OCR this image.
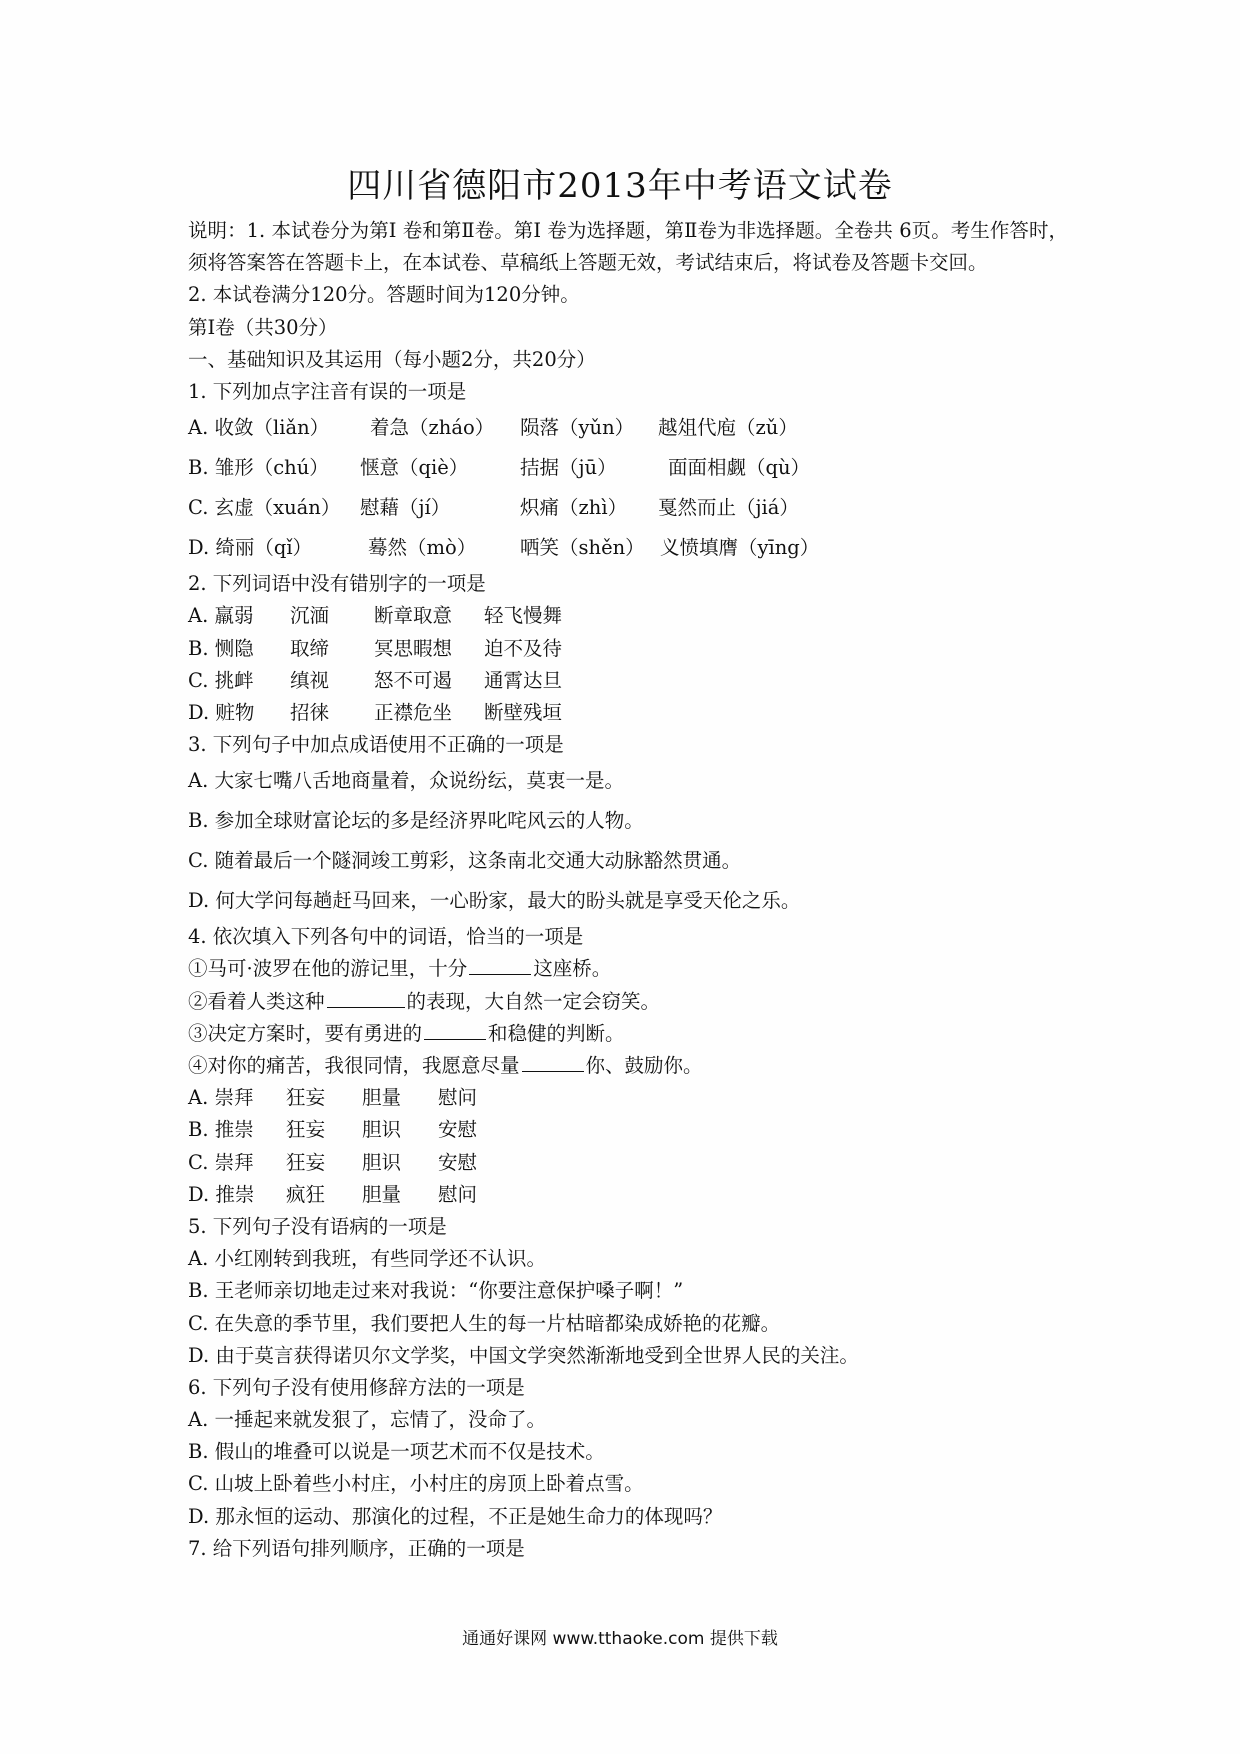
四川省德阳市2013年中考语文试卷
说明：1. 本试卷分为第Ⅰ 卷和第Ⅱ卷。第Ⅰ 卷为选择题，第Ⅱ卷为非选择题。全卷共 6页。考生作答时，须将答案答在答题卡上，在本试卷、草稿纸上答题无效，考试结束后，将试卷及答题卡交回。
2. 本试卷满分120分。答题时间为120分钟。
第Ⅰ卷（共30分）
一、基础知识及其运用（每小题2分，共20分）
1. 下列加点字注音有误的一项是
A. 收敛（liǎn） 着急（zháo） 陨落（yǔn） 越俎代庖（zǔ）
B. 雏形（chú） 惬意（qiè）	拮据（jū）	面面相觑（qù）
C. 玄虚（xuán） 慰藉（jí）	炽痛（zhì） 戛然而止（jiá）
D. 绮丽（qǐ）	蓦然（mò） 哂笑（shěn） 义愤填膺（yīng）
2. 下列词语中没有错别字的一项是
A. 羸弱 沉湎 断章取意 轻飞慢舞
B. 恻隐 取缔 冥思暇想 迫不及待
C. 挑衅 缜视 怒不可遏 通霄达旦
D. 赃物 招徕 正襟危坐 断壁残垣
3. 下列句子中加点成语使用不正确的一项是
A. 大家七嘴八舌地商量着，众说纷纭，莫衷一是。
B. 参加全球财富论坛的多是经济界叱咤风云的人物。
C. 随着最后一个隧洞竣工剪彩，这条南北交通大动脉豁然贯通。
D. 何大学问每趟赶马回来，一心盼家，最大的盼头就是享受天伦之乐。
4. 依次填入下列各句中的词语，恰当的一项是
①马可·波罗在他的游记里，十分	这座桥。
②看着人类这种	的表现，大自然一定会窃笑。
③决定方案时，要有勇进的	和稳健的判断。
④对你的痛苦，我很同情，我愿意尽量	你、鼓励你。
A. 崇拜 狂妄 胆量 慰问
B. 推崇 狂妄 胆识 安慰
C. 崇拜 狂妄 胆识 安慰
D. 推崇 疯狂 胆量 慰问
5. 下列句子没有语病的一项是
A. 小红刚转到我班，有些同学还不认识。
B. 王老师亲切地走过来对我说：“你要注意保护嗓子啊！”
C. 在失意的季节里，我们要把人生的每一片枯暗都染成娇艳的花瓣。
D. 由于莫言获得诺贝尔文学奖，中国文学突然渐渐地受到全世界人民的关注。
6. 下列句子没有使用修辞方法的一项是
A. 一捶起来就发狠了，忘情了，没命了。
B. 假山的堆叠可以说是一项艺术而不仅是技术。
C. 山坡上卧着些小村庄，小村庄的房顶上卧着点雪。
D. 那永恒的运动、那演化的过程，不正是她生命力的体现吗？
7. 给下列语句排列顺序，正确的一项是
通通好课网 www.tthaoke.com 提供下载
